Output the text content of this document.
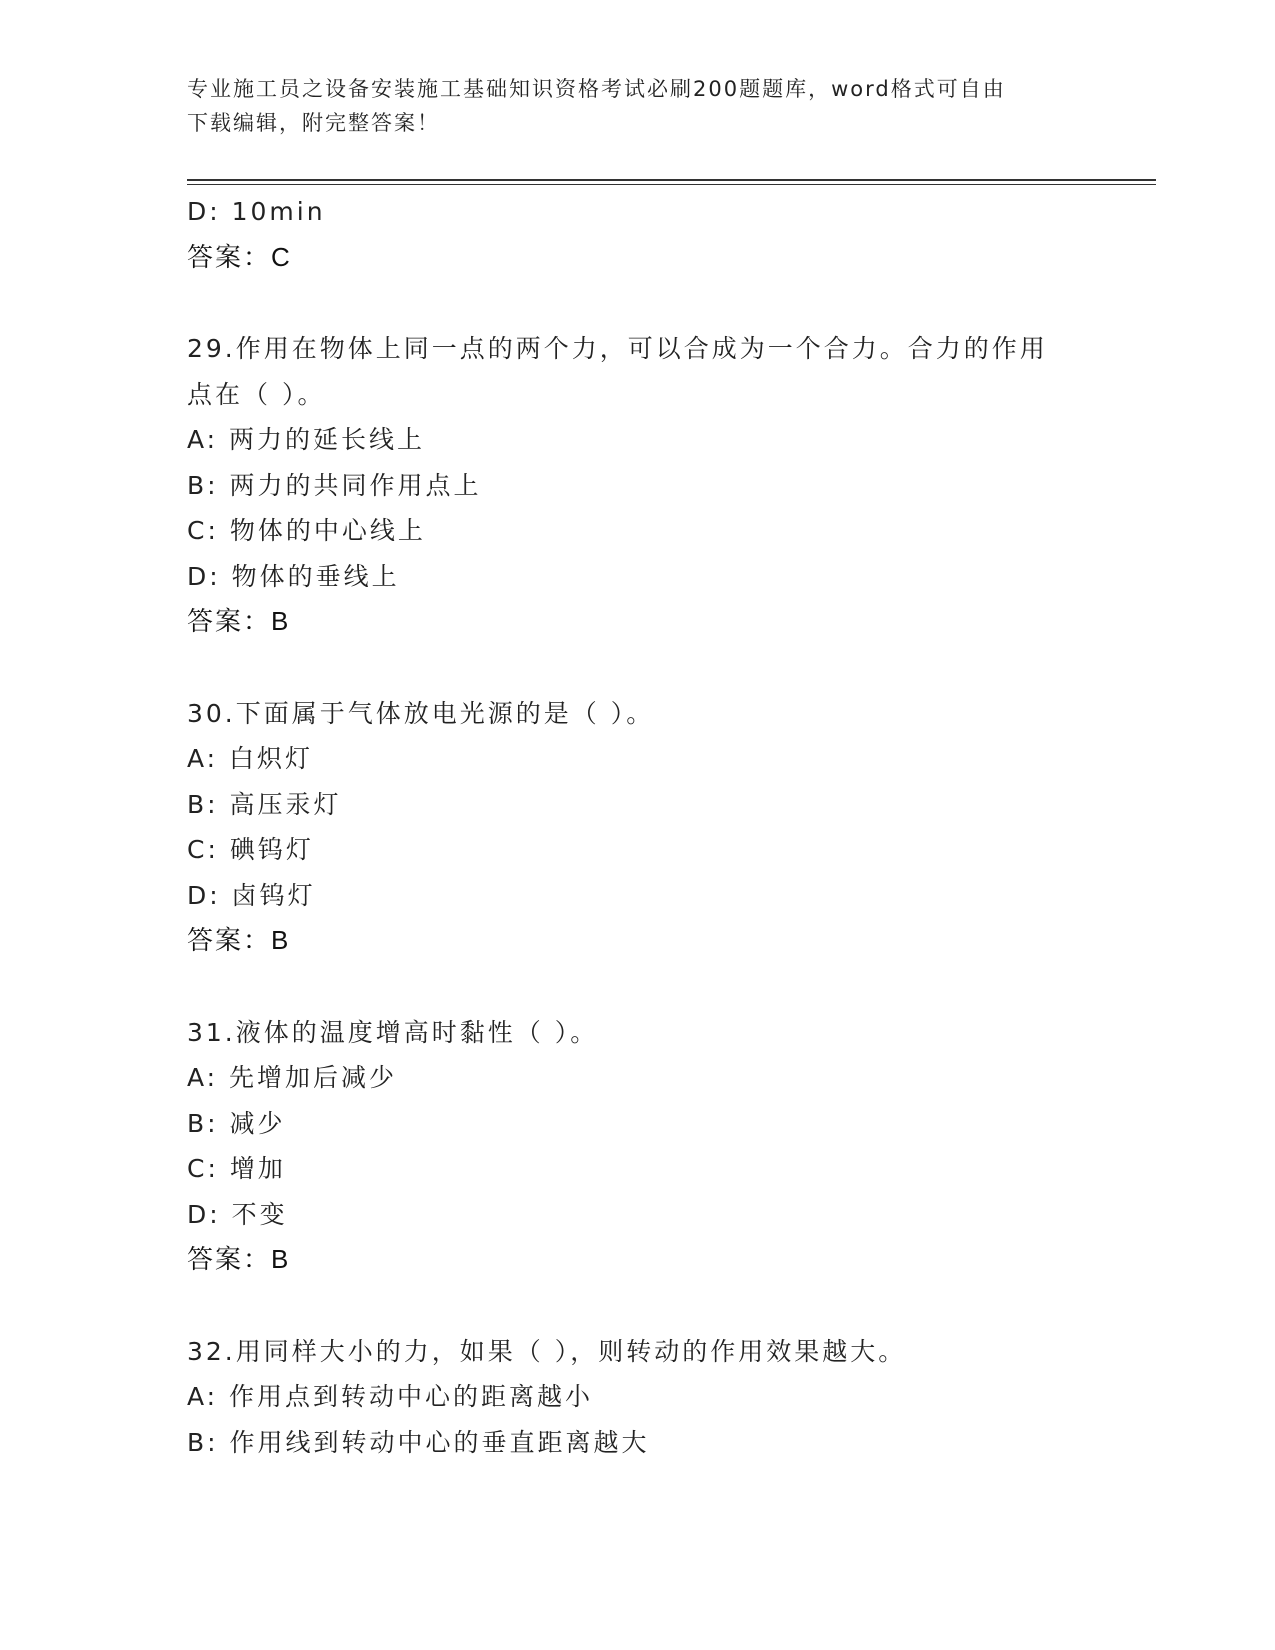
专业施工员之设备安装施工基础知识资格考试必刷200题题库，word格式可自由
下载编辑，附完整答案！
D: 10min
答案：C
29.作用在物体上同一点的两个力，可以合成为一个合力。合力的作用
点在（ ）。
A: 两力的延长线上
B: 两力的共同作用点上
C: 物体的中心线上
D: 物体的垂线上
答案：B
30.下面属于气体放电光源的是（ ）。
A: 白炽灯
B: 高压汞灯
C: 碘钨灯
D: 卤钨灯
答案：B
31.液体的温度增高时黏性（ ）。
A: 先增加后减少
B: 减少
C: 增加
D: 不变
答案：B
32.用同样大小的力，如果（ ），则转动的作用效果越大。
A: 作用点到转动中心的距离越小
B: 作用线到转动中心的垂直距离越大
